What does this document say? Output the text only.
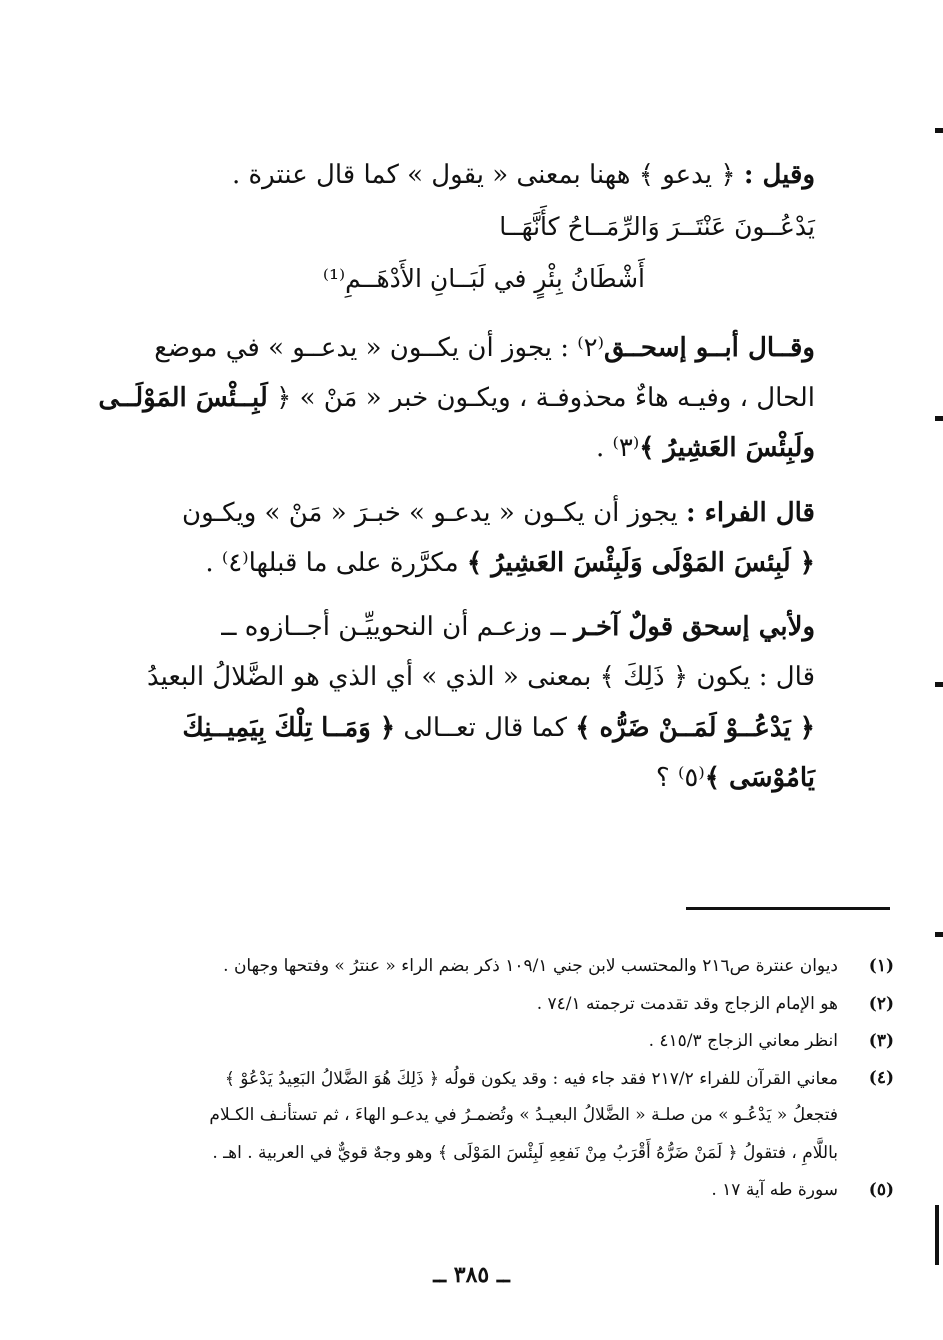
وقيل : ﴿ يدعو ﴾ ههنا بمعنى « يقول » كما قال عنترة .
يَدْعُــونَ عَنْتَــرَ وَالرِّمَــاحُ كأَنَّهَــا
أَشْطَانُ بِئْرٍ في لَبَــانِ الأَدْهَــمِ⁽¹⁾
وقــال أبــو إسحــق⁽٢⁾ : يجوز أن يكــون « يدعــو » في موضع
الحال ، وفيـه هاءٌ محذوفـة ، ويكـون خبر « مَنْ » ﴿ لَبِــئْسَ المَوْلَــى
ولَبِئْسَ العَشِيرُ ﴾⁽٣⁾ .
قال الفراء : يجوز أن يكـون « يدعـو » خبـرَ « مَنْ » ويكـون
﴿ لَبِئسَ المَوْلَى وَلَبِئْسَ العَشِيرُ ﴾ مكرَّرة على ما قبلها⁽٤⁾ .
ولأبي إسحق قولٌ آخـر ــ وزعـم أن النحوييِّـن أجــازوه ــ
قال : يكون ﴿ ذَلِكَ ﴾ بمعنى « الذي » أي الذي هو الضَّلالُ البعيدُ
﴿ يَدْعُــوْ لَمَــنْ ضَرُّه ﴾ كما قال تعــالى ﴿ وَمَــا تِلْكَ بِيَمِيــنِكَ
يَامُوْسَى ﴾⁽٥⁾ ؟
(١)
ديوان عنترة ص٢١٦ والمحتسب لابن جني ١٠٩/١ ذكر بضم الراء « عنترُ » وفتحها وجهان .
(٢)
هو الإمام الزجاج وقد تقدمت ترجمته ٧٤/١ .
(٣)
انظر معاني الزجاج ٤١٥/٣ .
(٤)
معاني القرآن للفراء ٢١٧/٢ فقد جاء فيه : وقد يكون قولُه ﴿ ذَلِكَ هُوَ الضَّلالُ البَعِيدُ يَدْعُوْ ﴾
فتجعلُ « يَدْعُـو » من صلـة « الضَّلالُ البعيـدُ » وتُضمـرُ في يدعـو الهاءَ ، ثم تستأنـف الكـلام
باللَّامِ ، فتقولُ ﴿ لَمَنْ ضَرُّهُ أَقْرَبُ مِنْ نَفعِهِ لَبِئْسَ المَوْلَى ﴾ وهو وجهٌ قويٌّ في العربية . اهـ .
(٥)
سورة طه آية ١٧ .
ــ ٣٨٥ ــ
